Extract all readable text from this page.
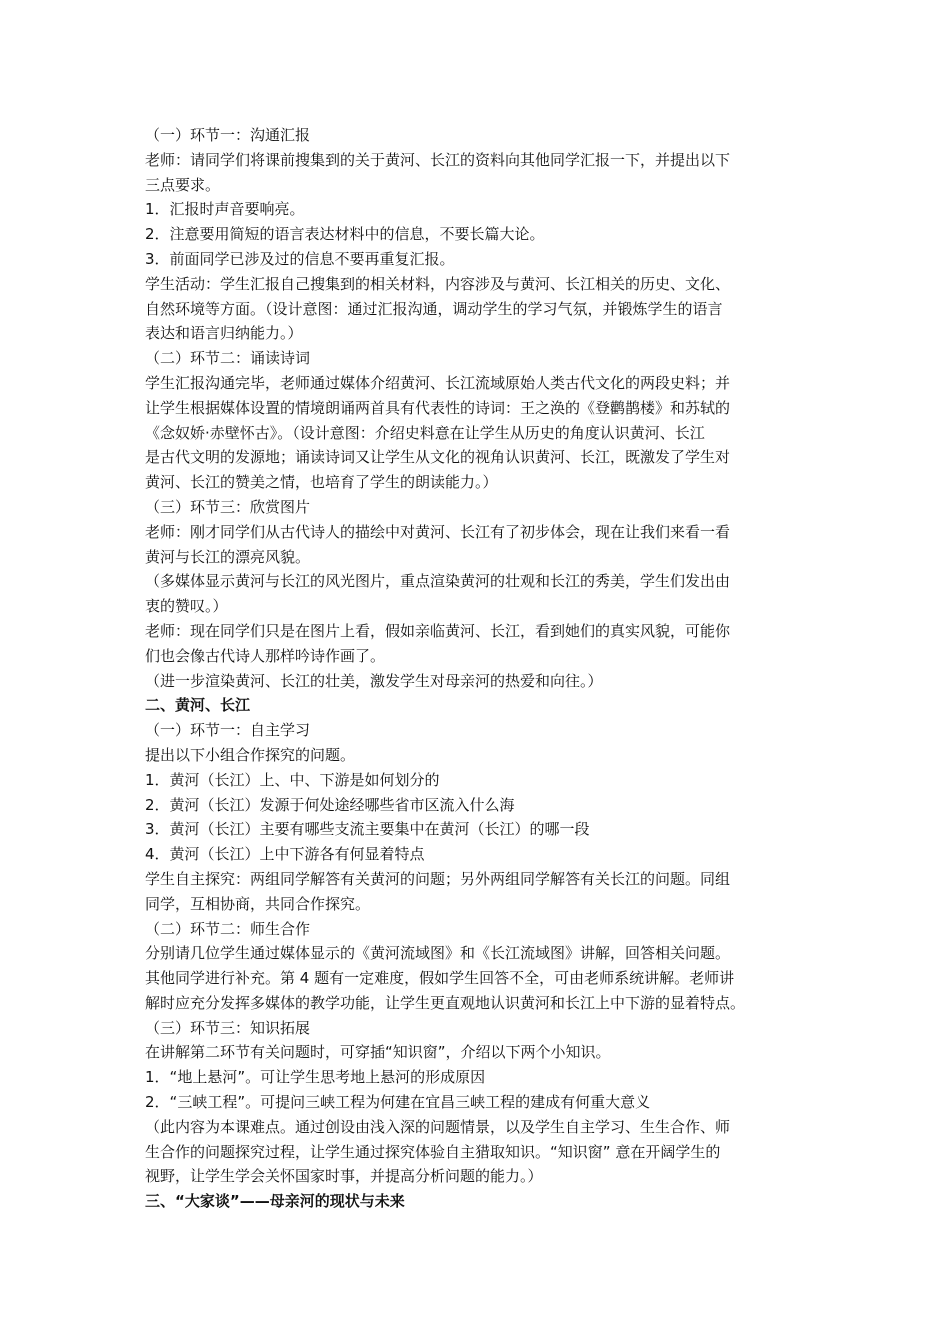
（一）环节一：沟通汇报
老师：请同学们将课前搜集到的关于黄河、长江的资料向其他同学汇报一下，并提出以下
三点要求。
1．汇报时声音要响亮。
2．注意要用简短的语言表达材料中的信息，不要长篇大论。
3．前面同学已涉及过的信息不要再重复汇报。
学生活动：学生汇报自己搜集到的相关材料，内容涉及与黄河、长江相关的历史、文化、
自然环境等方面。（设计意图：通过汇报沟通，调动学生的学习气氛，并锻炼学生的语言
表达和语言归纳能力。）
（二）环节二：诵读诗词
学生汇报沟通完毕，老师通过媒体介绍黄河、长江流域原始人类古代文化的两段史料；并
让学生根据媒体设置的情境朗诵两首具有代表性的诗词：王之涣的《登鹳鹊楼》和苏轼的
《念奴娇·赤壁怀古》。（设计意图：介绍史料意在让学生从历史的角度认识黄河、长江
是古代文明的发源地；诵读诗词又让学生从文化的视角认识黄河、长江，既激发了学生对
黄河、长江的赞美之情，也培育了学生的朗读能力。）
（三）环节三：欣赏图片
老师：刚才同学们从古代诗人的描绘中对黄河、长江有了初步体会，现在让我们来看一看
黄河与长江的漂亮风貌。
（多媒体显示黄河与长江的风光图片，重点渲染黄河的壮观和长江的秀美，学生们发出由
衷的赞叹。）
老师：现在同学们只是在图片上看，假如亲临黄河、长江，看到她们的真实风貌，可能你
们也会像古代诗人那样吟诗作画了。
（进一步渲染黄河、长江的壮美，激发学生对母亲河的热爱和向往。）
二、黄河、长江
（一）环节一：自主学习
提出以下小组合作探究的问题。
1．黄河（长江）上、中、下游是如何划分的
2．黄河（长江）发源于何处途经哪些省市区流入什么海
3．黄河（长江）主要有哪些支流主要集中在黄河（长江）的哪一段
4．黄河（长江）上中下游各有何显着特点
学生自主探究：两组同学解答有关黄河的问题；另外两组同学解答有关长江的问题。同组
同学，互相协商，共同合作探究。
（二）环节二：师生合作
分别请几位学生通过媒体显示的《黄河流域图》和《长江流域图》讲解，回答相关问题。
其他同学进行补充。第 4 题有一定难度，假如学生回答不全，可由老师系统讲解。老师讲
解时应充分发挥多媒体的教学功能，让学生更直观地认识黄河和长江上中下游的显着特点。
（三）环节三：知识拓展
在讲解第二环节有关问题时，可穿插“知识窗”，介绍以下两个小知识。
1．“地上悬河”。可让学生思考地上悬河的形成原因
2．“三峡工程”。可提问三峡工程为何建在宜昌三峡工程的建成有何重大意义
（此内容为本课难点。通过创设由浅入深的问题情景，以及学生自主学习、生生合作、师
生合作的问题探究过程，让学生通过探究体验自主猎取知识。“知识窗” 意在开阔学生的
视野，让学生学会关怀国家时事，并提高分析问题的能力。）
三、“大家谈”——母亲河的现状与未来
